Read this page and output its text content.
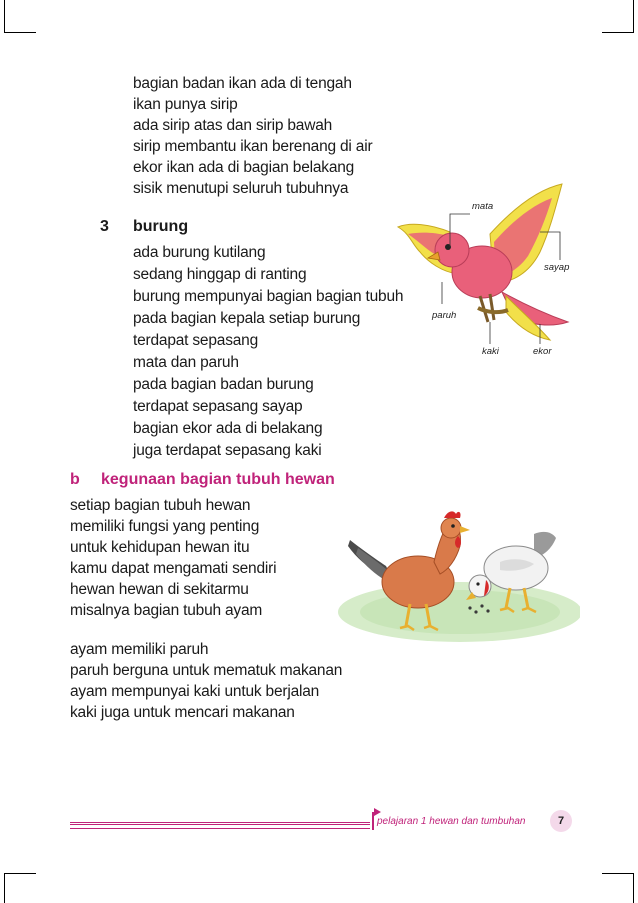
bagian badan ikan ada di tengah
ikan punya sirip
ada sirip atas dan sirip bawah
sirip membantu ikan berenang di air
ekor ikan ada di bagian belakang
sisik menutupi seluruh tubuhnya
3 burung
ada burung kutilang
sedang hinggap di ranting
burung mempunyai bagian bagian tubuh
pada bagian kepala setiap burung
terdapat sepasang
mata dan paruh
pada bagian badan burung
terdapat sepasang sayap
bagian ekor ada di belakang
juga terdapat sepasang kaki
mata
sayap
paruh
kaki	ekor
b kegunaan bagian tubuh hewan
setiap bagian tubuh hewan
memiliki fungsi yang penting
untuk kehidupan hewan itu
kamu dapat mengamati sendiri
hewan hewan di sekitarmu
misalnya bagian tubuh ayam
ayam memiliki paruh
paruh berguna untuk mematuk makanan
ayam mempunyai kaki untuk berjalan
kaki juga untuk mencari makanan
pelajaran 1 hewan dan tumbuhan	7
